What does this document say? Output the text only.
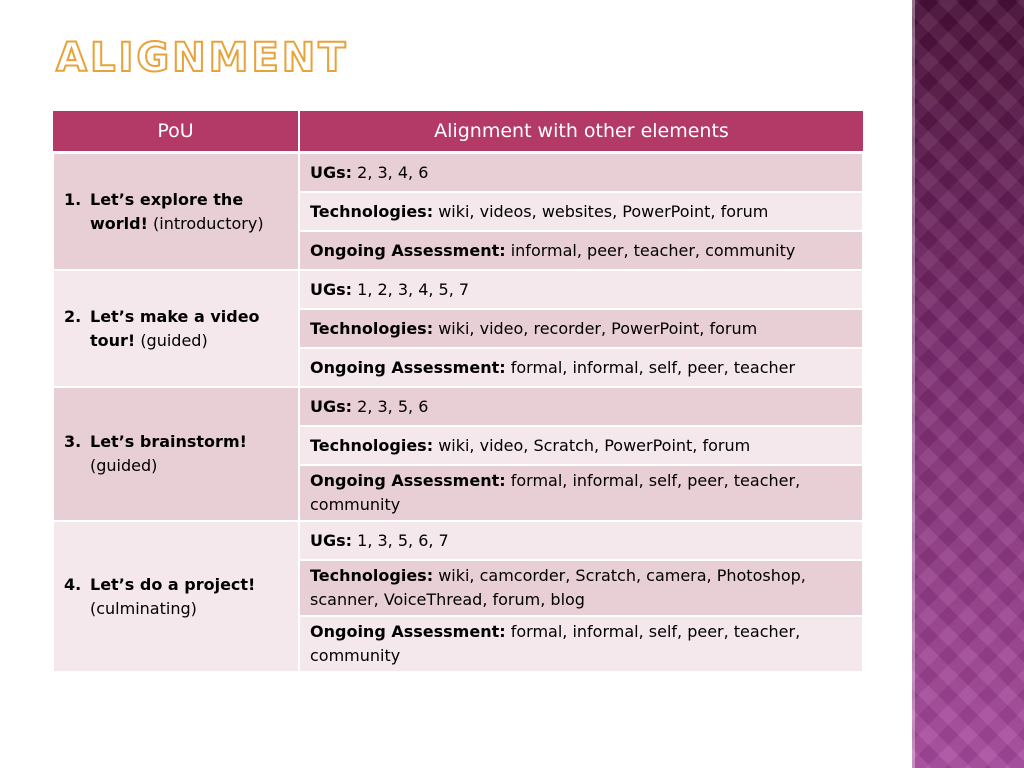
ALIGNMENT
PoU	Alignment with other elements

1. Let’s explore the world! (introductory)	UGs: 2, 3, 4, 6
	Technologies: wiki, videos, websites, PowerPoint, forum
	Ongoing Assessment: informal, peer, teacher, community

2. Let’s make a video tour! (guided)	UGs: 1, 2, 3, 4, 5, 7
	Technologies: wiki, video, recorder, PowerPoint, forum
	Ongoing Assessment: formal, informal, self, peer, teacher

3. Let’s brainstorm! (guided)	UGs: 2, 3, 5, 6
	Technologies: wiki, video, Scratch, PowerPoint, forum
	Ongoing Assessment: formal, informal, self, peer, teacher, community

4. Let’s do a project! (culminating)	UGs: 1, 3, 5, 6, 7
	Technologies: wiki, camcorder, Scratch, camera, Photoshop, scanner, VoiceThread, forum, blog
	Ongoing Assessment: formal, informal, self, peer, teacher, community
